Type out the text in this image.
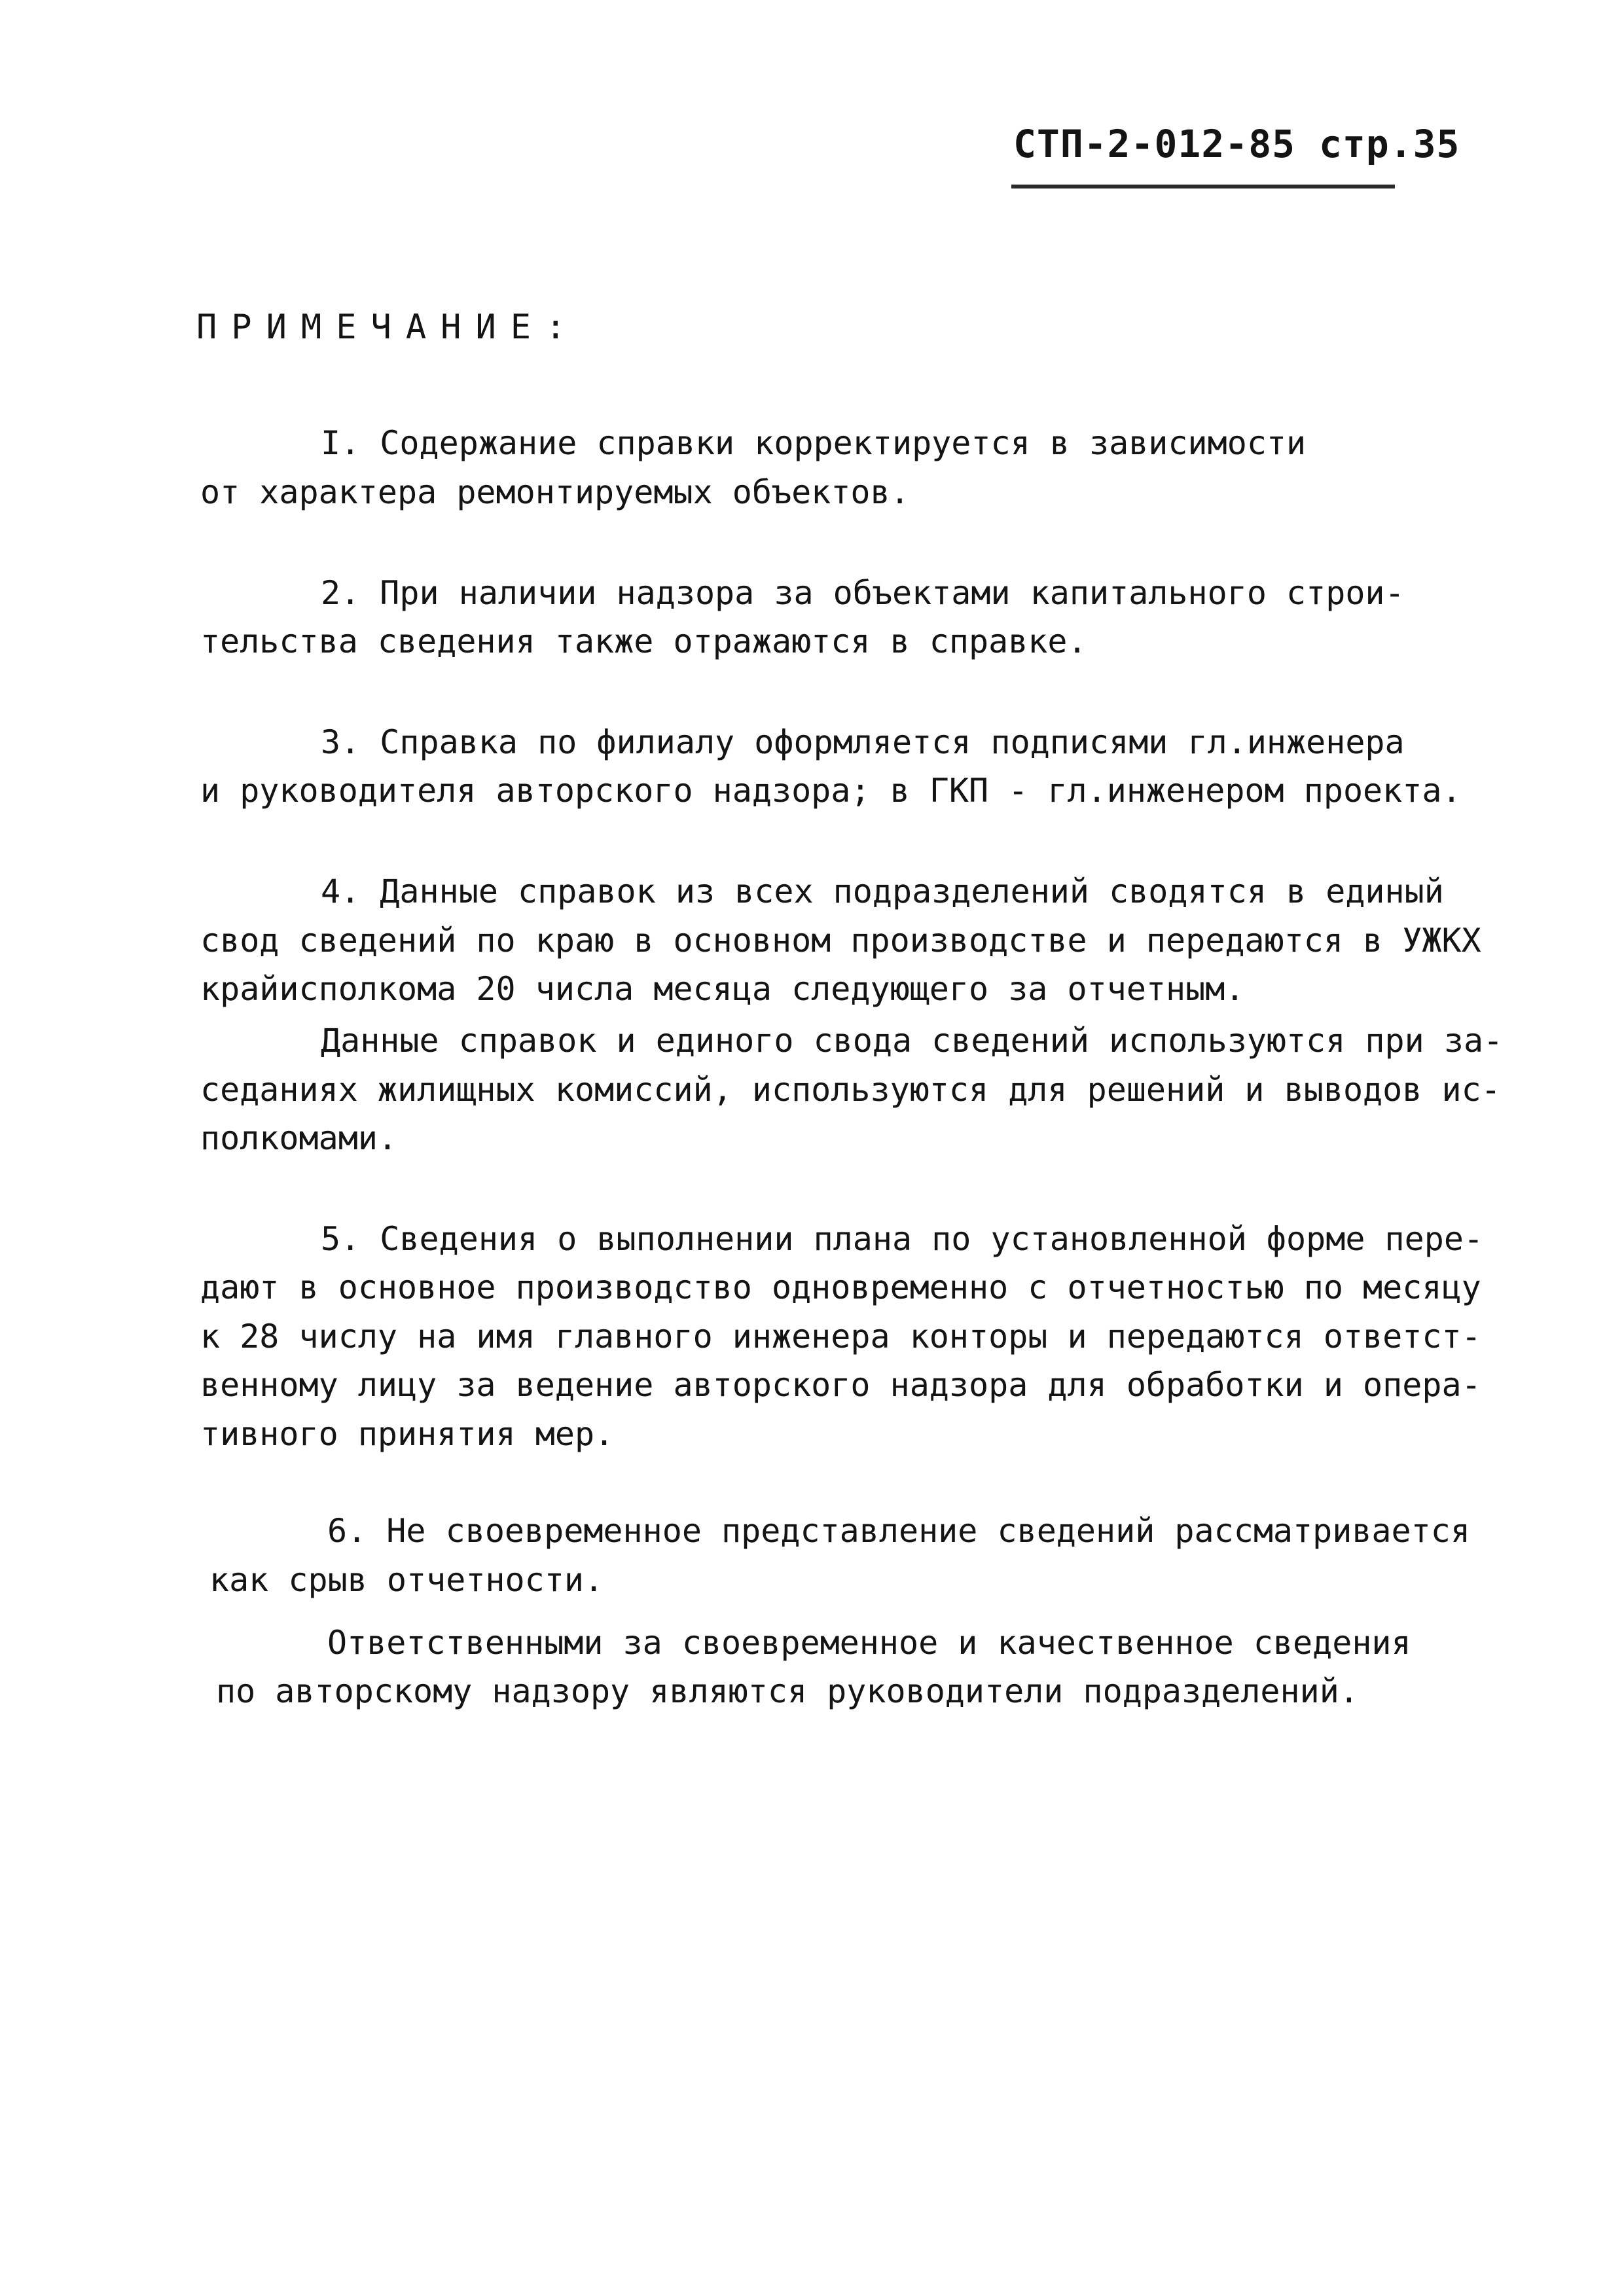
СТП-2-012-85 стр.35
ПРИМЕЧАНИЕ:
I. Содержание справки корректируется в зависимости
от характера ремонтируемых объектов.
2. При наличии надзора за объектами капитального строи-
тельства сведения также отражаются в справке.
3. Справка по филиалу оформляется подписями гл.инженера
и руководителя авторского надзора; в ГКП - гл.инженером проекта.
4. Данные справок из всех подразделений сводятся в единый
свод сведений по краю в основном производстве и передаются в УЖКХ
крайисполкома 20 числа месяца следующего за отчетным.
Данные справок и единого свода сведений используются при за-
седаниях жилищных комиссий, используются для решений и выводов ис-
полкомами.
5. Сведения о выполнении плана по установленной форме пере-
дают в основное производство одновременно с отчетностью по месяцу
к 28 числу на имя главного инженера конторы и передаются ответст-
венному лицу за ведение авторского надзора для обработки и опера-
тивного принятия мер.
6. Не своевременное представление сведений рассматривается
как срыв отчетности.
Ответственными за своевременное и качественное сведения
по авторскому надзору являются руководители подразделений.
